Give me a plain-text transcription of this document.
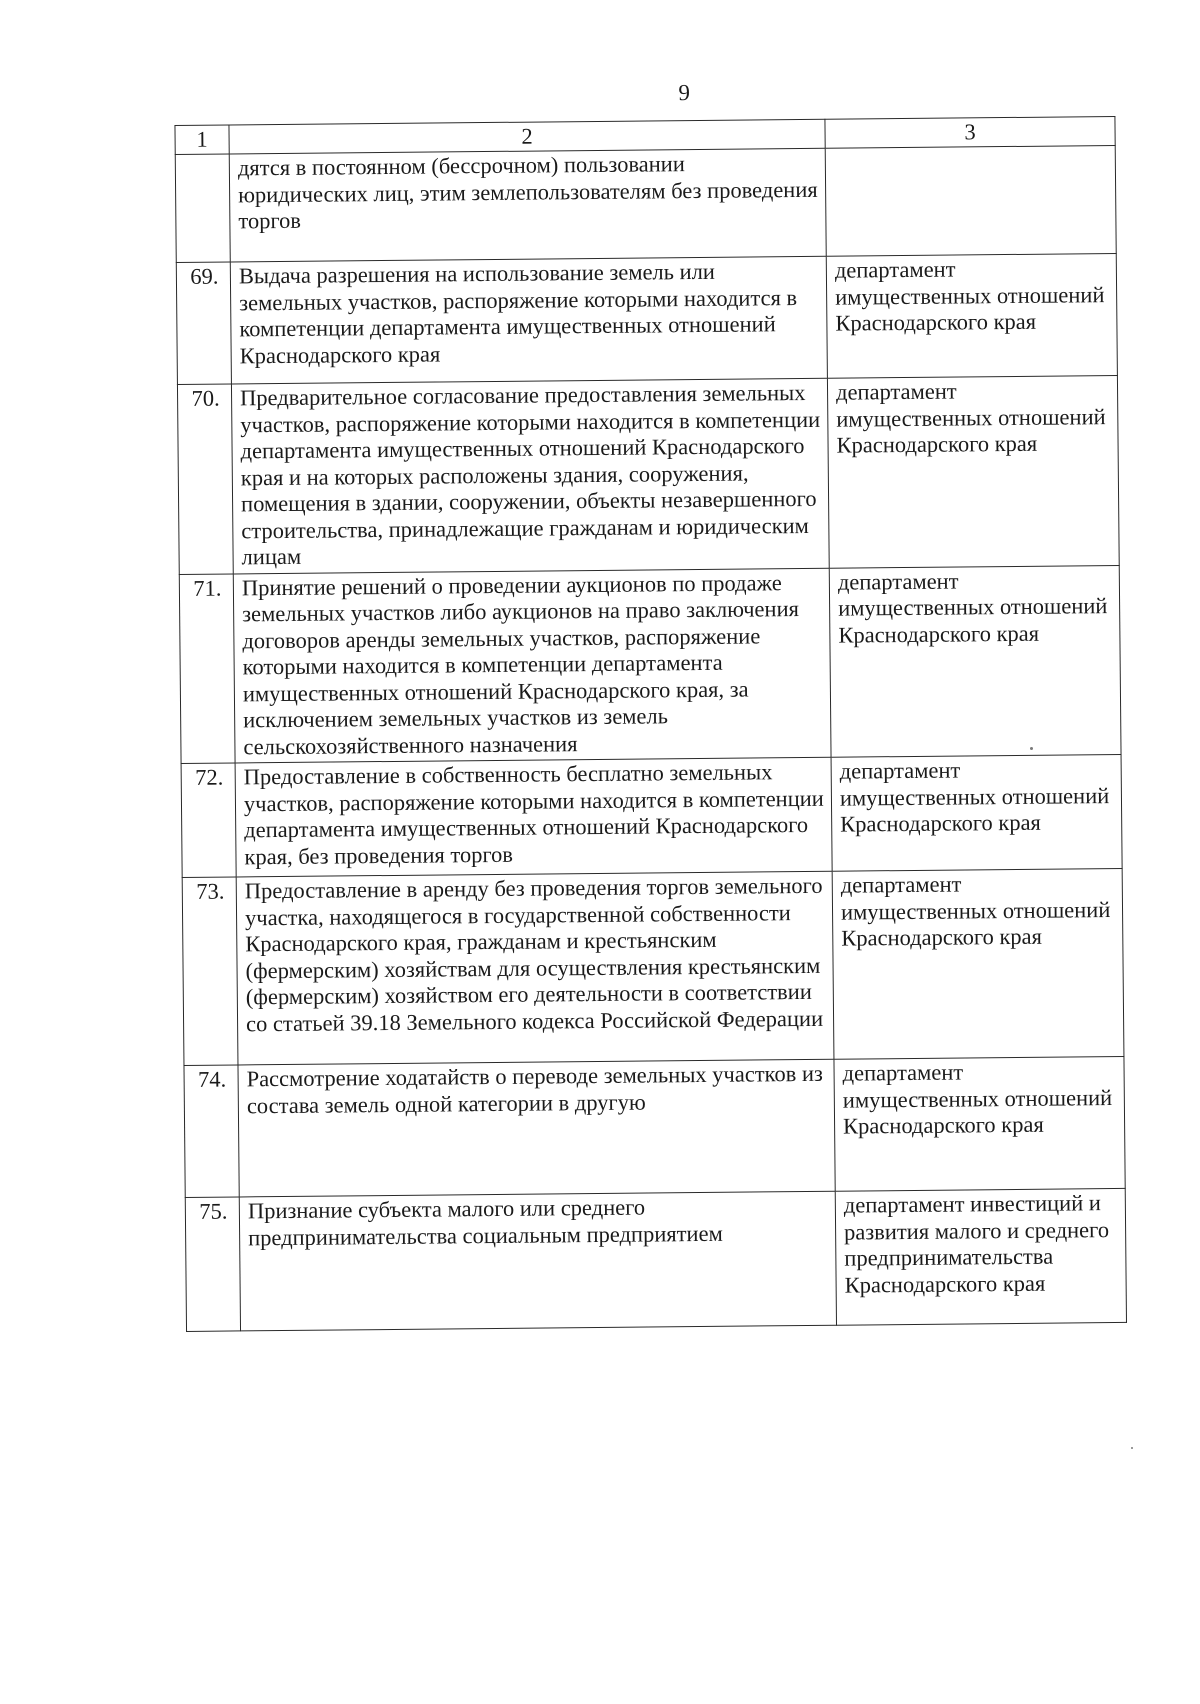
9
1	2	3
	дятся в постоянном (бессрочном) пользовании юридических лиц, этим землепользователям без проведения торгов	
69.	Выдача разрешения на использование земель или земельных участков, распоряжение которыми находится в компетенции департамента имущественных отношений Краснодарского края	департамент имущественных отношений Краснодарского края
70.	Предварительное согласование предоставления земельных участков, распоряжение которыми находится в компетенции департамента имущественных отношений Краснодарского края и на которых расположены здания, сооружения, помещения в здании, сооружении, объекты незавершенного строительства, принадлежащие гражданам и юридическим лицам	департамент имущественных отношений Краснодарского края
71.	Принятие решений о проведении аукционов по продаже земельных участков либо аукционов на право заключения договоров аренды земельных участков, распоряжение которыми находится в компетенции департамента имущественных отношений Краснодарского края, за исключением земельных участков из земель сельскохозяйственного назначения	департамент имущественных отношений Краснодарского края
72.	Предоставление в собственность бесплатно земельных участков, распоряжение которыми находится в компетенции департамента имущественных отношений Краснодарского края, без проведения торгов	департамент имущественных отношений Краснодарского края
73.	Предоставление в аренду без проведения торгов земельного участка, находящегося в государственной собственности Краснодарского края, гражданам и крестьянским (фермерским) хозяйствам для осуществления крестьянским (фермерским) хозяйством его деятельности в соответствии со статьей 39.18 Земельного кодекса Российской Федерации	департамент имущественных отношений Краснодарского края
74.	Рассмотрение ходатайств о переводе земельных участков из состава земель одной категории в другую	департамент имущественных отношений Краснодарского края
75.	Признание субъекта малого или среднего предпринимательства социальным предприятием	департамент инвестиций и развития малого и среднего предпринимательства Краснодарского края
